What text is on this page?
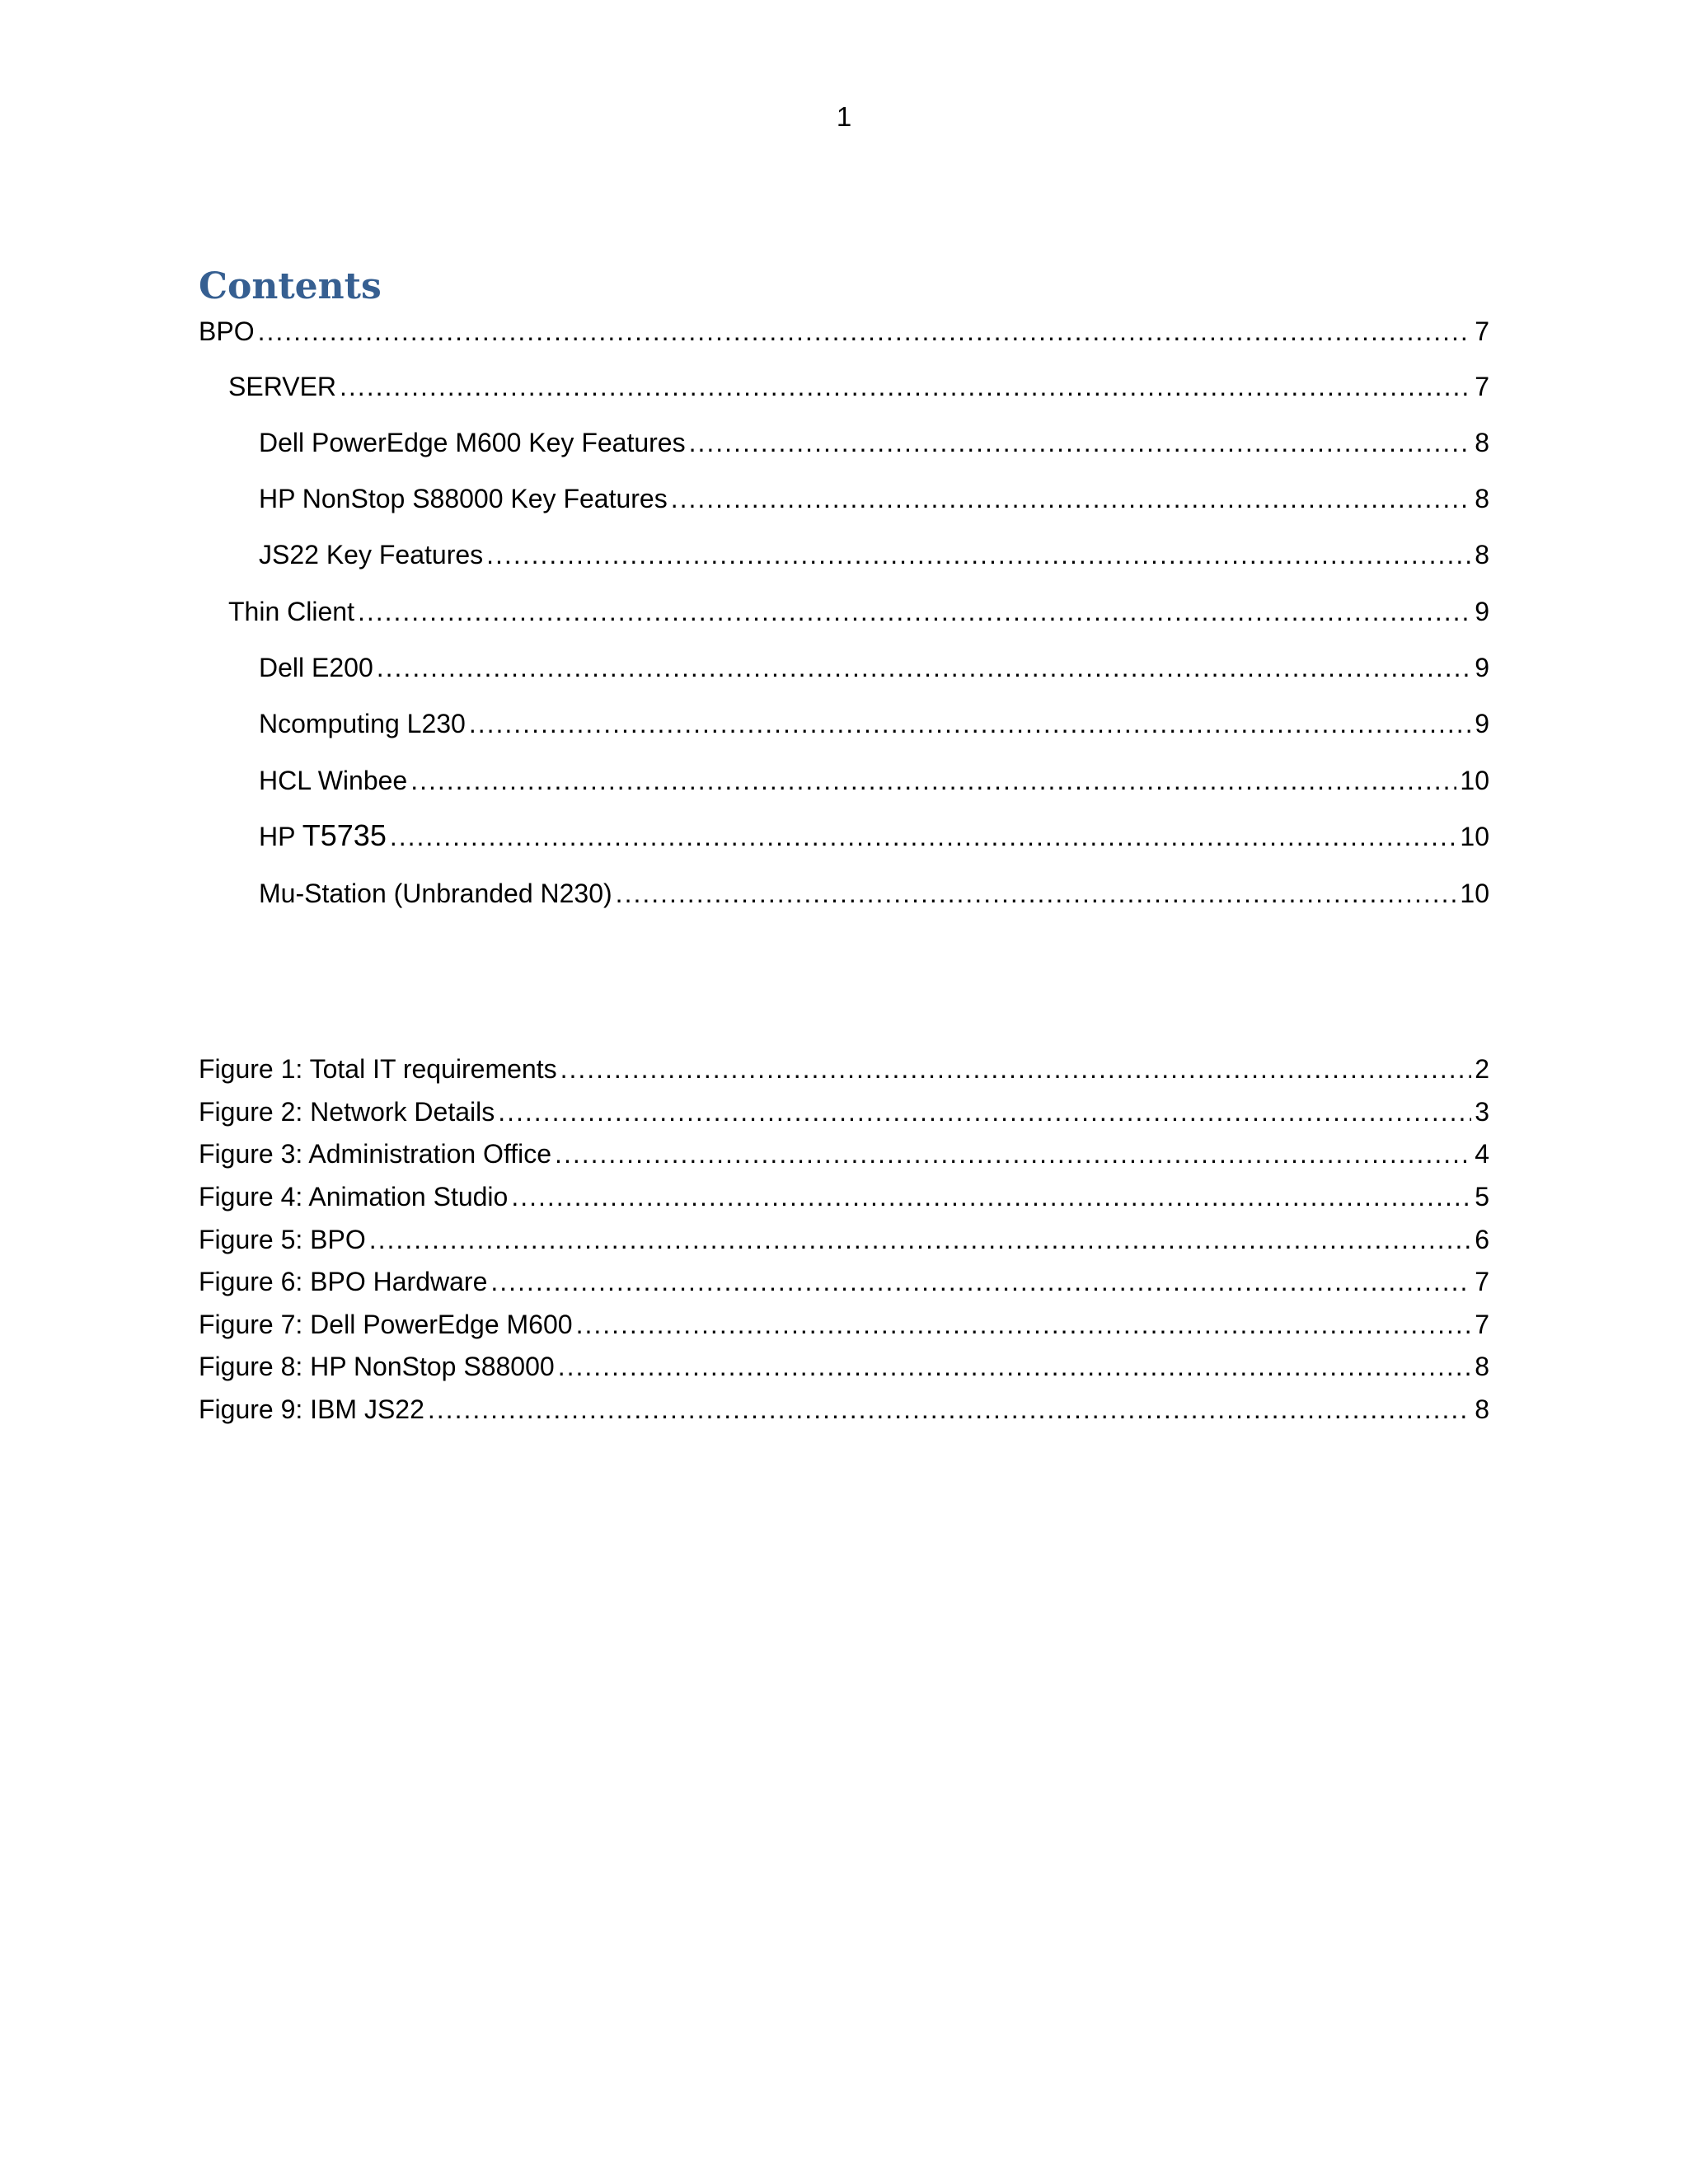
1
Contents
BPO .....	7
SERVER .....	7
Dell PowerEdge M600 Key Features .....	8
HP NonStop S88000 Key Features .....	8
JS22 Key Features .....	8
Thin Client .....	9
Dell E200 .....	9
Ncomputing L230 .....	9
HCL Winbee .....	10
HP T5735 .....	10
Mu-Station (Unbranded N230) .....	10
Figure 1: Total IT requirements .....	2
Figure 2: Network Details .....	3
Figure 3: Administration Office .....	4
Figure 4: Animation Studio .....	5
Figure 5: BPO .....	6
Figure 6: BPO Hardware .....	7
Figure 7: Dell PowerEdge M600 .....	7
Figure 8: HP NonStop S88000 .....	8
Figure 9: IBM JS22 .....	8
